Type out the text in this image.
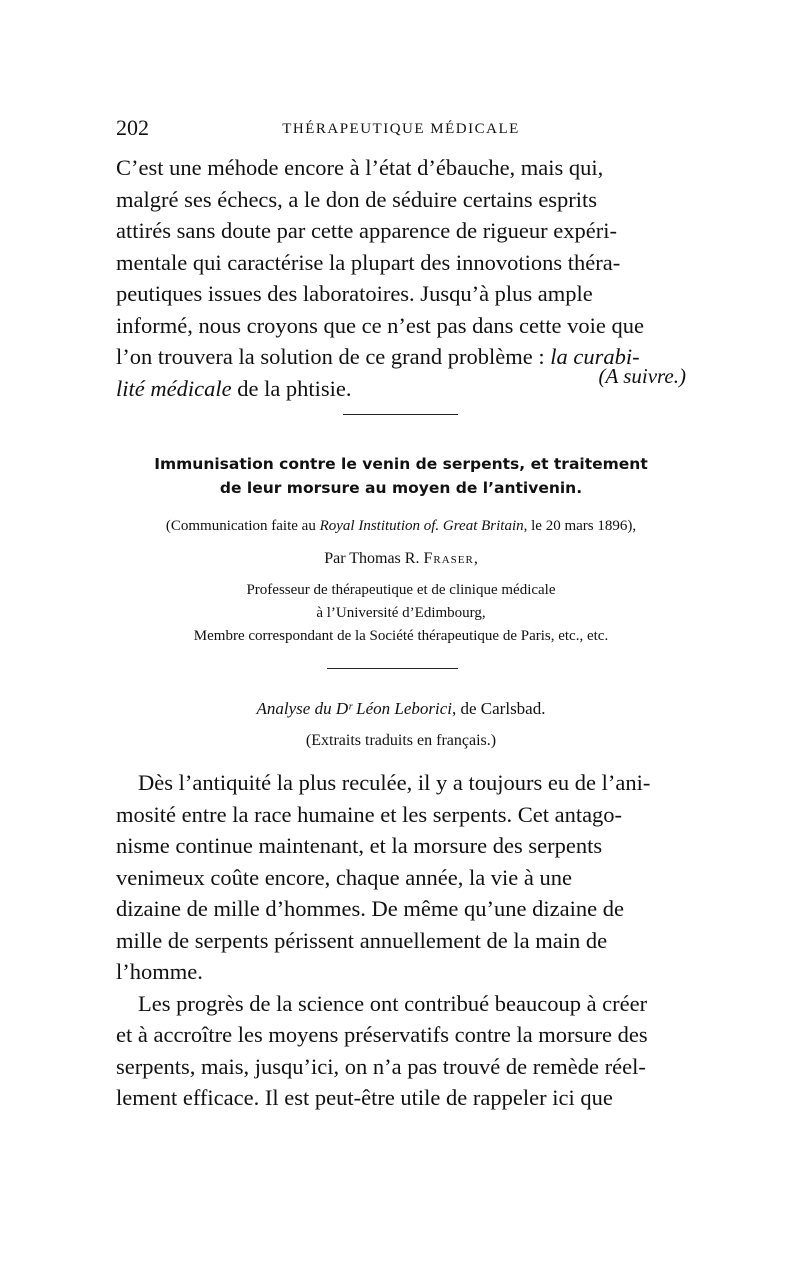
202	THÉRAPEUTIQUE MÉDICALE
C’est une méhode encore à l’état d’ébauche, mais qui,
malgré ses échecs, a le don de séduire certains esprits
attirés sans doute par cette apparence de rigueur expéri-
mentale qui caractérise la plupart des innovotions théra-
peutiques issues des laboratoires. Jusqu’à plus ample
informé, nous croyons que ce n’est pas dans cette voie que
l’on trouvera la solution de ce grand problème : la curabi-
lité médicale de la phtisie.	(A suivre.)
Immunisation contre le venin de serpents, et traitement
de leur morsure au moyen de l’antivenin.
(Communication faite au Royal Institution of. Great Britain, le 20 mars 1896),
Par Thomas R. Fraser,
Professeur de thérapeutique et de clinique médicale
à l’Université d’Edimbourg,
Membre correspondant de la Société thérapeutique de Paris, etc., etc.
Analyse du Dʳ Léon Leboricі, de Carlsbad.
(Extraits traduits en français.)
Dès l’antiquité la plus reculée, il y a toujours eu de l’ani-
mosité entre la race humaine et les serpents. Cet antago-
nisme continue maintenant, et la morsure des serpents
venimeux coûte encore, chaque année, la vie à une
dizaine de mille d’hommes. De même qu’une dizaine de
mille de serpents périssent annuellement de la main de
l’homme.
Les progrès de la science ont contribué beaucoup à créer
et à accroître les moyens préservatifs contre la morsure des
serpents, mais, jusqu’ici, on n’a pas trouvé de remède réel-
lement efficace. Il est peut-être utile de rappeler ici que
